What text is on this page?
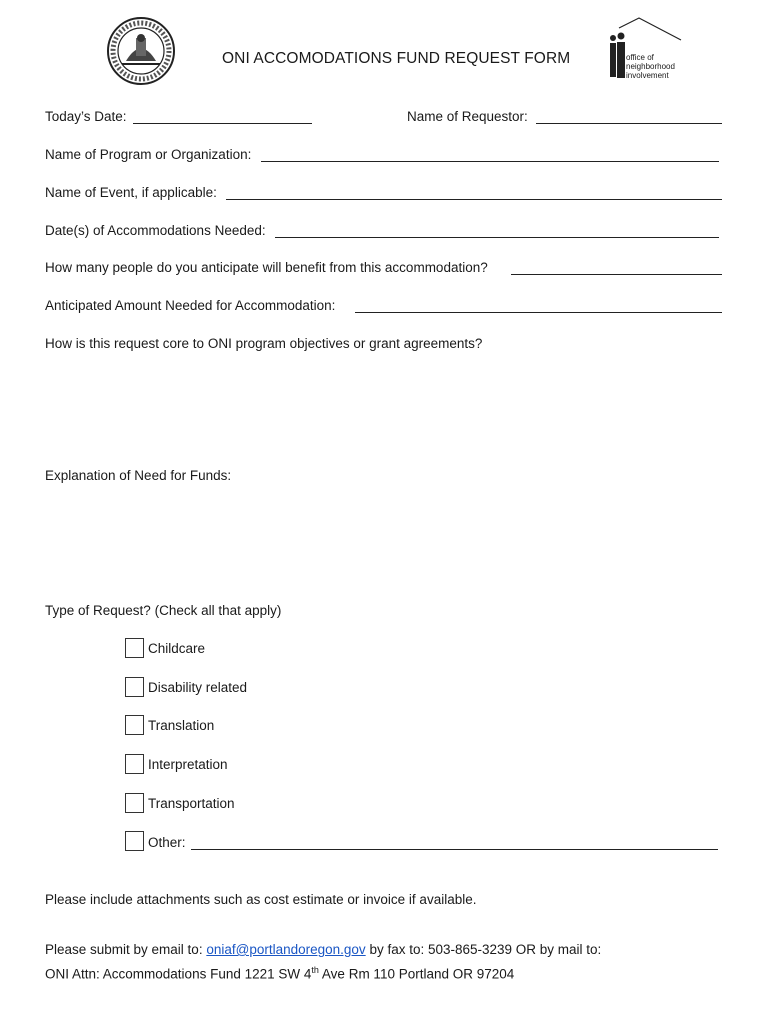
ONI ACCOMODATIONS FUND REQUEST FORM	office of
neighborhood
involvement
Today’s Date:	Name of Requestor:
Name of Program or Organization:
Name of Event, if applicable:
Date(s) of Accommodations Needed:
How many people do you anticipate will benefit from this accommodation?
Anticipated Amount Needed for Accommodation:
How is this request core to ONI program objectives or grant agreements?
Explanation of Need for Funds:
Type of Request? (Check all that apply)
Childcare
Disability related
Translation
Interpretation
Transportation
Other:
Please include attachments such as cost estimate or invoice if available.
Please submit by email to: oniaf@portlandoregon.gov by fax to: 503-865-3239 OR by mail to:
ONI Attn: Accommodations Fund 1221 SW 4th Ave Rm 110 Portland OR 97204
